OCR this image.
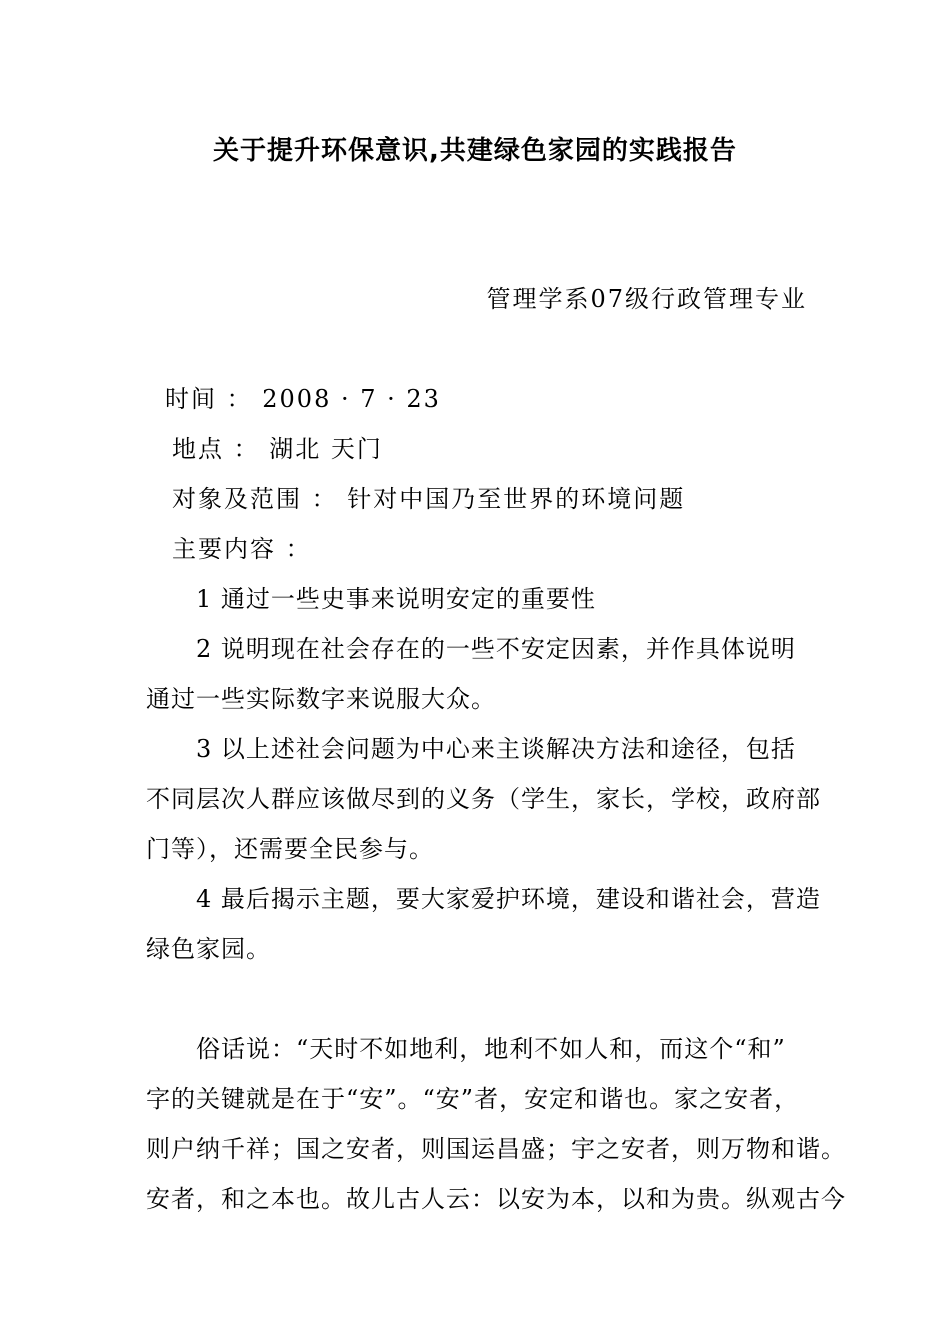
关于提升环保意识,共建绿色家园的实践报告
管理学系07级行政管理专业
时间 ： 2008 · 7 · 23
地点 ： 湖北 天门
对象及范围 ： 针对中国乃至世界的环境问题
主要内容 ：
1 通过一些史事来说明安定的重要性
2 说明现在社会存在的一些不安定因素，并作具体说明
通过一些实际数字来说服大众。
3 以上述社会问题为中心来主谈解决方法和途径，包括
不同层次人群应该做尽到的义务（学生，家长，学校，政府部
门等），还需要全民参与。
4 最后揭示主题，要大家爱护环境，建设和谐社会，营造
绿色家园。
俗话说：“天时不如地利，地利不如人和，而这个“和”
字的关键就是在于“安”。“安”者，安定和谐也。家之安者，
则户纳千祥；国之安者，则国运昌盛；宇之安者，则万物和谐。
安者，和之本也。故儿古人云：以安为本，以和为贵。纵观古今
